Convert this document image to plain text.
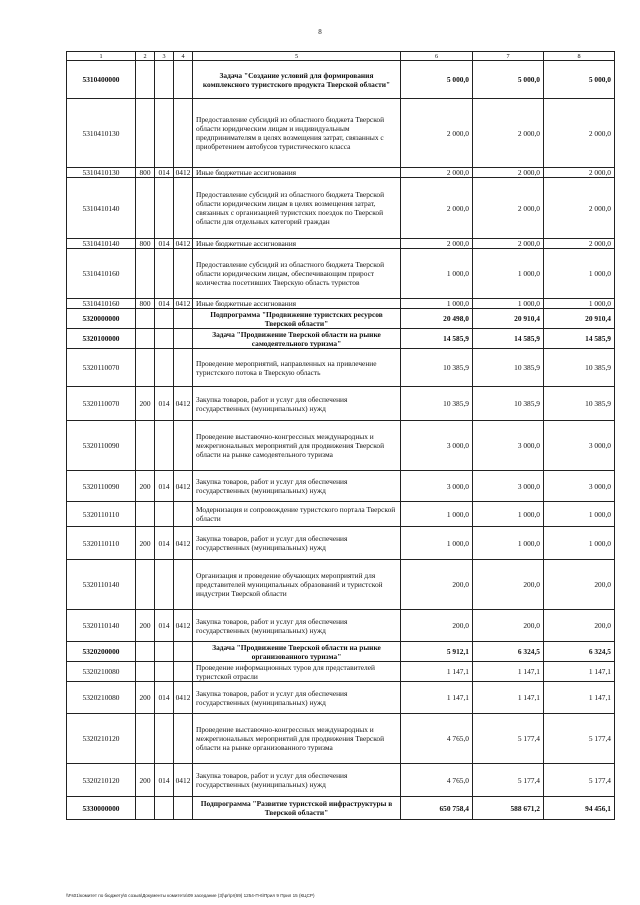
8
1	2	3	4	5	6	7	8
5310400000				Задача "Создание условий для формирования комплексного туристского продукта Тверской области"	5 000,0	5 000,0	5 000,0
5310410130				Предоставление субсидий из областного бюджета Тверской области юридическим лицам и индивидуальным предпринимателям в целях возмещения затрат, связанных с приобретением автобусов туристического класса	2 000,0	2 000,0	2 000,0
5310410130	800	014	0412	Иные бюджетные ассигнования	2 000,0	2 000,0	2 000,0
5310410140				Предоставление субсидий из областного бюджета Тверской области юридическим лицам в целях возмещения затрат, связанных с организацией туристских поездок по Тверской области для отдельных категорий граждан	2 000,0	2 000,0	2 000,0
5310410140	800	014	0412	Иные бюджетные ассигнования	2 000,0	2 000,0	2 000,0
5310410160				Предоставление субсидий из областного бюджета Тверской области юридическим лицам, обеспечивающим прирост количества посетивших Тверскую область туристов	1 000,0	1 000,0	1 000,0
5310410160	800	014	0412	Иные бюджетные ассигнования	1 000,0	1 000,0	1 000,0
5320000000				Подпрограмма "Продвижение туристских ресурсов Тверской области"	20 498,0	20 910,4	20 910,4
5320100000				Задача "Продвижение Тверской области на рынке самодеятельного туризма"	14 585,9	14 585,9	14 585,9
5320110070				Проведение мероприятий, направленных на привлечение туристского потока в Тверскую область	10 385,9	10 385,9	10 385,9
5320110070	200	014	0412	Закупка товаров, работ и услуг для обеспечения государственных (муниципальных) нужд	10 385,9	10 385,9	10 385,9
5320110090				Проведение выставочно-конгрессных международных и межрегиональных мероприятий для продвижения Тверской области на рынке самодеятельного туризма	3 000,0	3 000,0	3 000,0
5320110090	200	014	0412	Закупка товаров, работ и услуг для обеспечения государственных (муниципальных) нужд	3 000,0	3 000,0	3 000,0
5320110110				Модернизация и сопровождение туристского портала Тверской области	1 000,0	1 000,0	1 000,0
5320110110	200	014	0412	Закупка товаров, работ и услуг для обеспечения государственных (муниципальных) нужд	1 000,0	1 000,0	1 000,0
5320110140				Организация и проведение обучающих мероприятий для представителей муниципальных образований и туристской индустрии Тверской области	200,0	200,0	200,0
5320110140	200	014	0412	Закупка товаров, работ и услуг для обеспечения государственных (муниципальных) нужд	200,0	200,0	200,0
5320200000				Задача "Продвижение Тверской области на рынке организованного туризма"	5 912,1	6 324,5	6 324,5
5320210080				Проведение информационных туров для представителей туристской отрасли	1 147,1	1 147,1	1 147,1
5320210080	200	014	0412	Закупка товаров, работ и услуг для обеспечения государственных (муниципальных) нужд	1 147,1	1 147,1	1 147,1
5320210120				Проведение выставочно-конгрессных международных и межрегиональных мероприятий для продвижения Тверской области на рынке организованного туризма	4 765,0	5 177,4	5 177,4
5320210120	200	014	0412	Закупка товаров, работ и услуг для обеспечения государственных (муниципальных) нужд	4 765,0	5 177,4	5 177,4
5330000000				Подпрограмма "Развитие туристской инфраструктуры в Тверской области"	650 758,4	588 671,2	94 456,1
\\Fs01\комитет по бюджету\6 созыв\Документы комитета\09 заседание (3)\pr\pr(69) 1254-П-6\Прил 9 Прил 15 (КЦСР)
